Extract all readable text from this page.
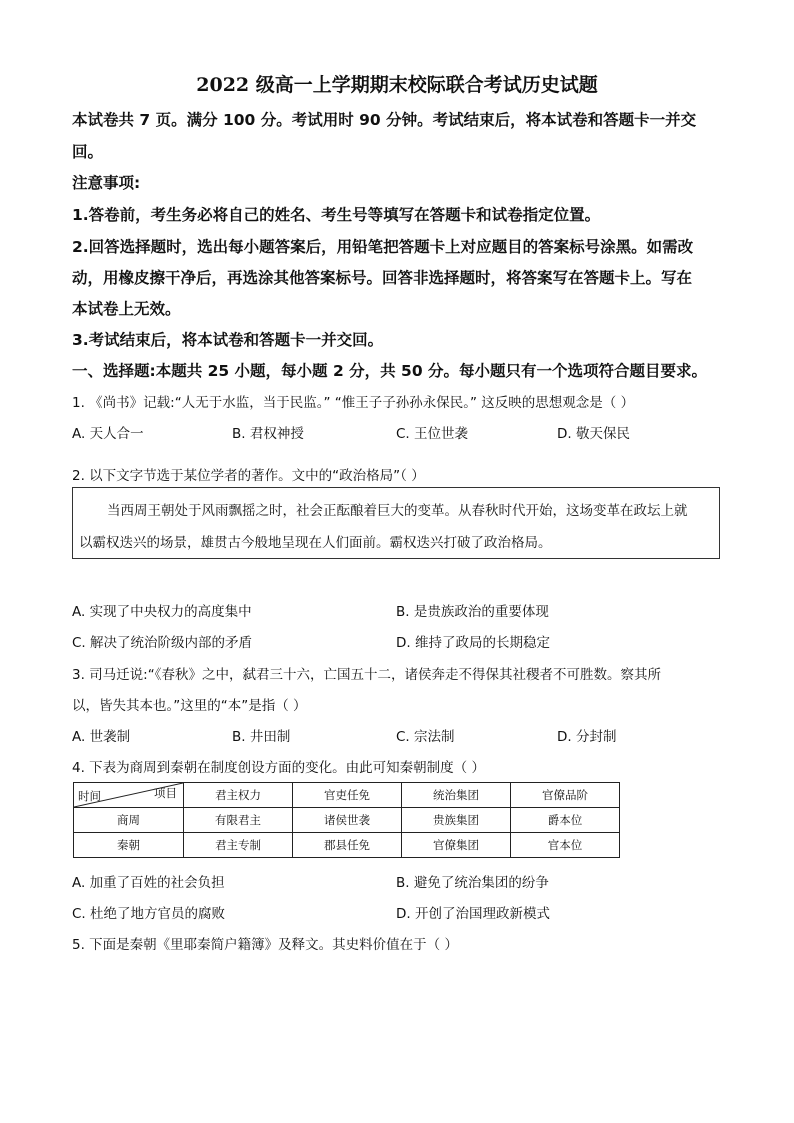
2022 级高一上学期期末校际联合考试历史试题
本试卷共 7 页。满分 100 分。考试用时 90 分钟。考试结束后，将本试卷和答题卡一并交
回。
注意事项:
1.答卷前，考生务必将自己的姓名、考生号等填写在答题卡和试卷指定位置。
2.回答选择题时，选出每小题答案后，用铅笔把答题卡上对应题目的答案标号涂黑。如需改
动，用橡皮擦干净后，再选涂其他答案标号。回答非选择题时，将答案写在答题卡上。写在
本试卷上无效。
3.考试结束后，将本试卷和答题卡一并交回。
一、选择题:本题共 25 小题，每小题 2 分，共 50 分。每小题只有一个选项符合题目要求。
1. 《尚书》记载:“人无于水监，当于民监。” “惟王子子孙孙永保民。” 这反映的思想观念是（ ）
A. 天人合一	B. 君权神授	C. 王位世袭	D. 敬天保民
2. 以下文字节选于某位学者的著作。文中的“政治格局”（ ）
当西周王朝处于风雨飘摇之时，社会正酝酿着巨大的变革。从春秋时代开始，这场变革在政坛上就
以霸权迭兴的场景，雄贯古今般地呈现在人们面前。霸权迭兴打破了政治格局。
A. 实现了中央权力的高度集中	B. 是贵族政治的重要体现
C. 解决了统治阶级内部的矛盾	D. 维持了政局的长期稳定
3. 司马迁说:“《春秋》之中，弑君三十六，亡国五十二，诸侯奔走不得保其社稷者不可胜数。察其所
以，皆失其本也。”这里的“本”是指（ ）
A. 世袭制	B. 井田制	C. 宗法制	D. 分封制
4. 下表为商周到秦朝在制度创设方面的变化。由此可知秦朝制度（ ）
时间 项目	君主权力	官吏任免	统治集团	官僚品阶
商周	有限君主	诸侯世袭	贵族集团	爵本位
秦朝	君主专制	郡县任免	官僚集团	官本位
A. 加重了百姓的社会负担	B. 避免了统治集团的纷争
C. 杜绝了地方官员的腐败	D. 开创了治国理政新模式
5. 下面是秦朝《里耶秦简户籍簿》及释文。其史料价值在于（ ）
